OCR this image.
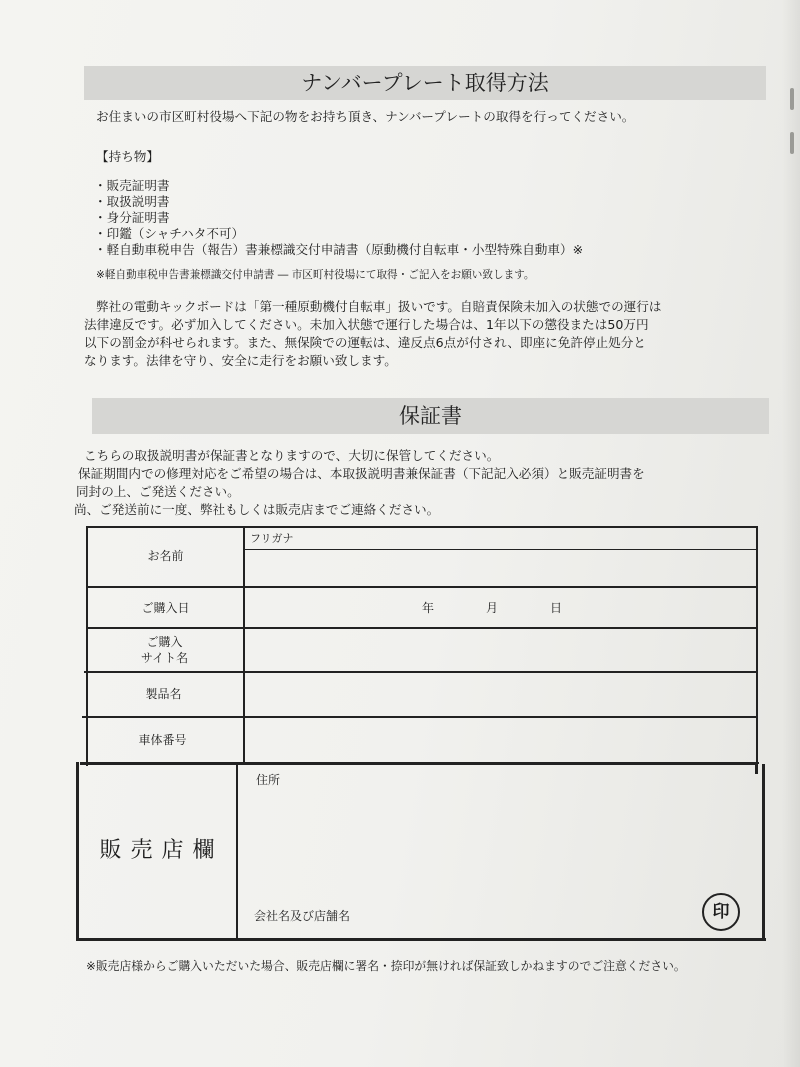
ナンバープレート取得方法
お住まいの市区町村役場へ下記の物をお持ち頂き、ナンバープレートの取得を行ってください。
【持ち物】
・販売証明書
・取扱説明書
・身分証明書
・印鑑（シャチハタ不可）
・軽自動車税申告（報告）書兼標識交付申請書（原動機付自転車・小型特殊自動車）※
※軽自動車税申告書兼標識交付申請書 ― 市区町村役場にて取得・ご記入をお願い致します。
弊社の電動キックボードは「第一種原動機付自転車」扱いです。自賠責保険未加入の状態での運行は
法律違反です。必ず加入してください。未加入状態で運行した場合は、1年以下の懲役または50万円
以下の罰金が科せられます。また、無保険での運転は、違反点6点が付され、即座に免許停止処分と
なります。法律を守り、安全に走行をお願い致します。
保証書
こちらの取扱説明書が保証書となりますので、大切に保管してください。
保証期間内での修理対応をご希望の場合は、本取扱説明書兼保証書（下記記入必須）と販売証明書を
同封の上、ご発送ください。
尚、ご発送前に一度、弊社もしくは販売店までご連絡ください。
フリガナ
お名前
ご購入日	年	月	日
ご購入
サイト名
製品名
車体番号
販 売 店 欄
住所
会社名及び店舗名	印
※販売店様からご購入いただいた場合、販売店欄に署名・捺印が無ければ保証致しかねますのでご注意ください。
